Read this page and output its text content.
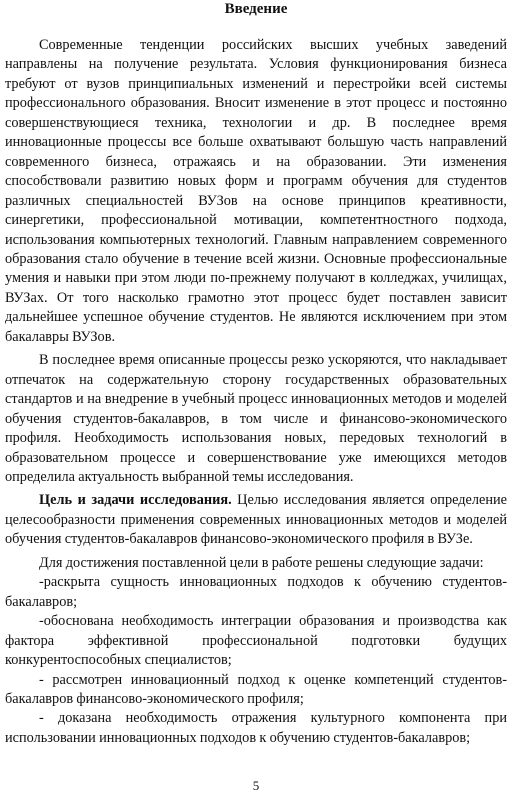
Введение

Современные тенденции российских высших учебных заведений направлены на получение результата. Условия функционирования бизнеса требуют от вузов принципиальных изменений и перестройки всей системы профессионального образования. Вносит изменение в этот процесс и постоянно совершенствующиеся техника, технологии и др. В последнее время инновационные процессы все больше охватывают большую часть направлений современного бизнеса, отражаясь и на образовании. Эти изменения способствовали развитию новых форм и программ обучения для студентов различных специальностей ВУЗов на основе принципов креативности, синергетики, профессиональной мотивации, компетентностного подхода, использования компьютерных технологий. Главным направлением современного образования стало обучение в течение всей жизни. Основные профессиональные умения и навыки при этом люди по-прежнему получают в колледжах, училищах, ВУЗах. От того насколько грамотно этот процесс будет поставлен зависит дальнейшее успешное обучение студентов. Не являются исключением при этом бакалавры ВУЗов.

В последнее время описанные процессы резко ускоряются, что накладывает отпечаток на содержательную сторону государственных образовательных стандартов и на внедрение в учебный процесс инновационных методов и моделей обучения студентов-бакалавров, в том числе и финансово-экономического профиля. Необходимость использования новых, передовых технологий в образовательном процессе и совершенствование уже имеющихся методов определила актуальность выбранной темы исследования.

Цель и задачи исследования. Целью исследования является определение целесообразности применения современных инновационных методов и моделей обучения студентов-бакалавров финансово-экономического профиля в ВУЗе.

Для достижения поставленной цели в работе решены следующие задачи:

-раскрыта сущность инновационных подходов к обучению студентов-бакалавров;

-обоснована необходимость интеграции образования и производства как фактора эффективной профессиональной подготовки будущих конкурентоспособных специалистов;

- рассмотрен инновационный подход к оценке компетенций студентов-бакалавров финансово-экономического профиля;

- доказана необходимость отражения культурного компонента при использовании инновационных подходов к обучению студентов-бакалавров;

5
